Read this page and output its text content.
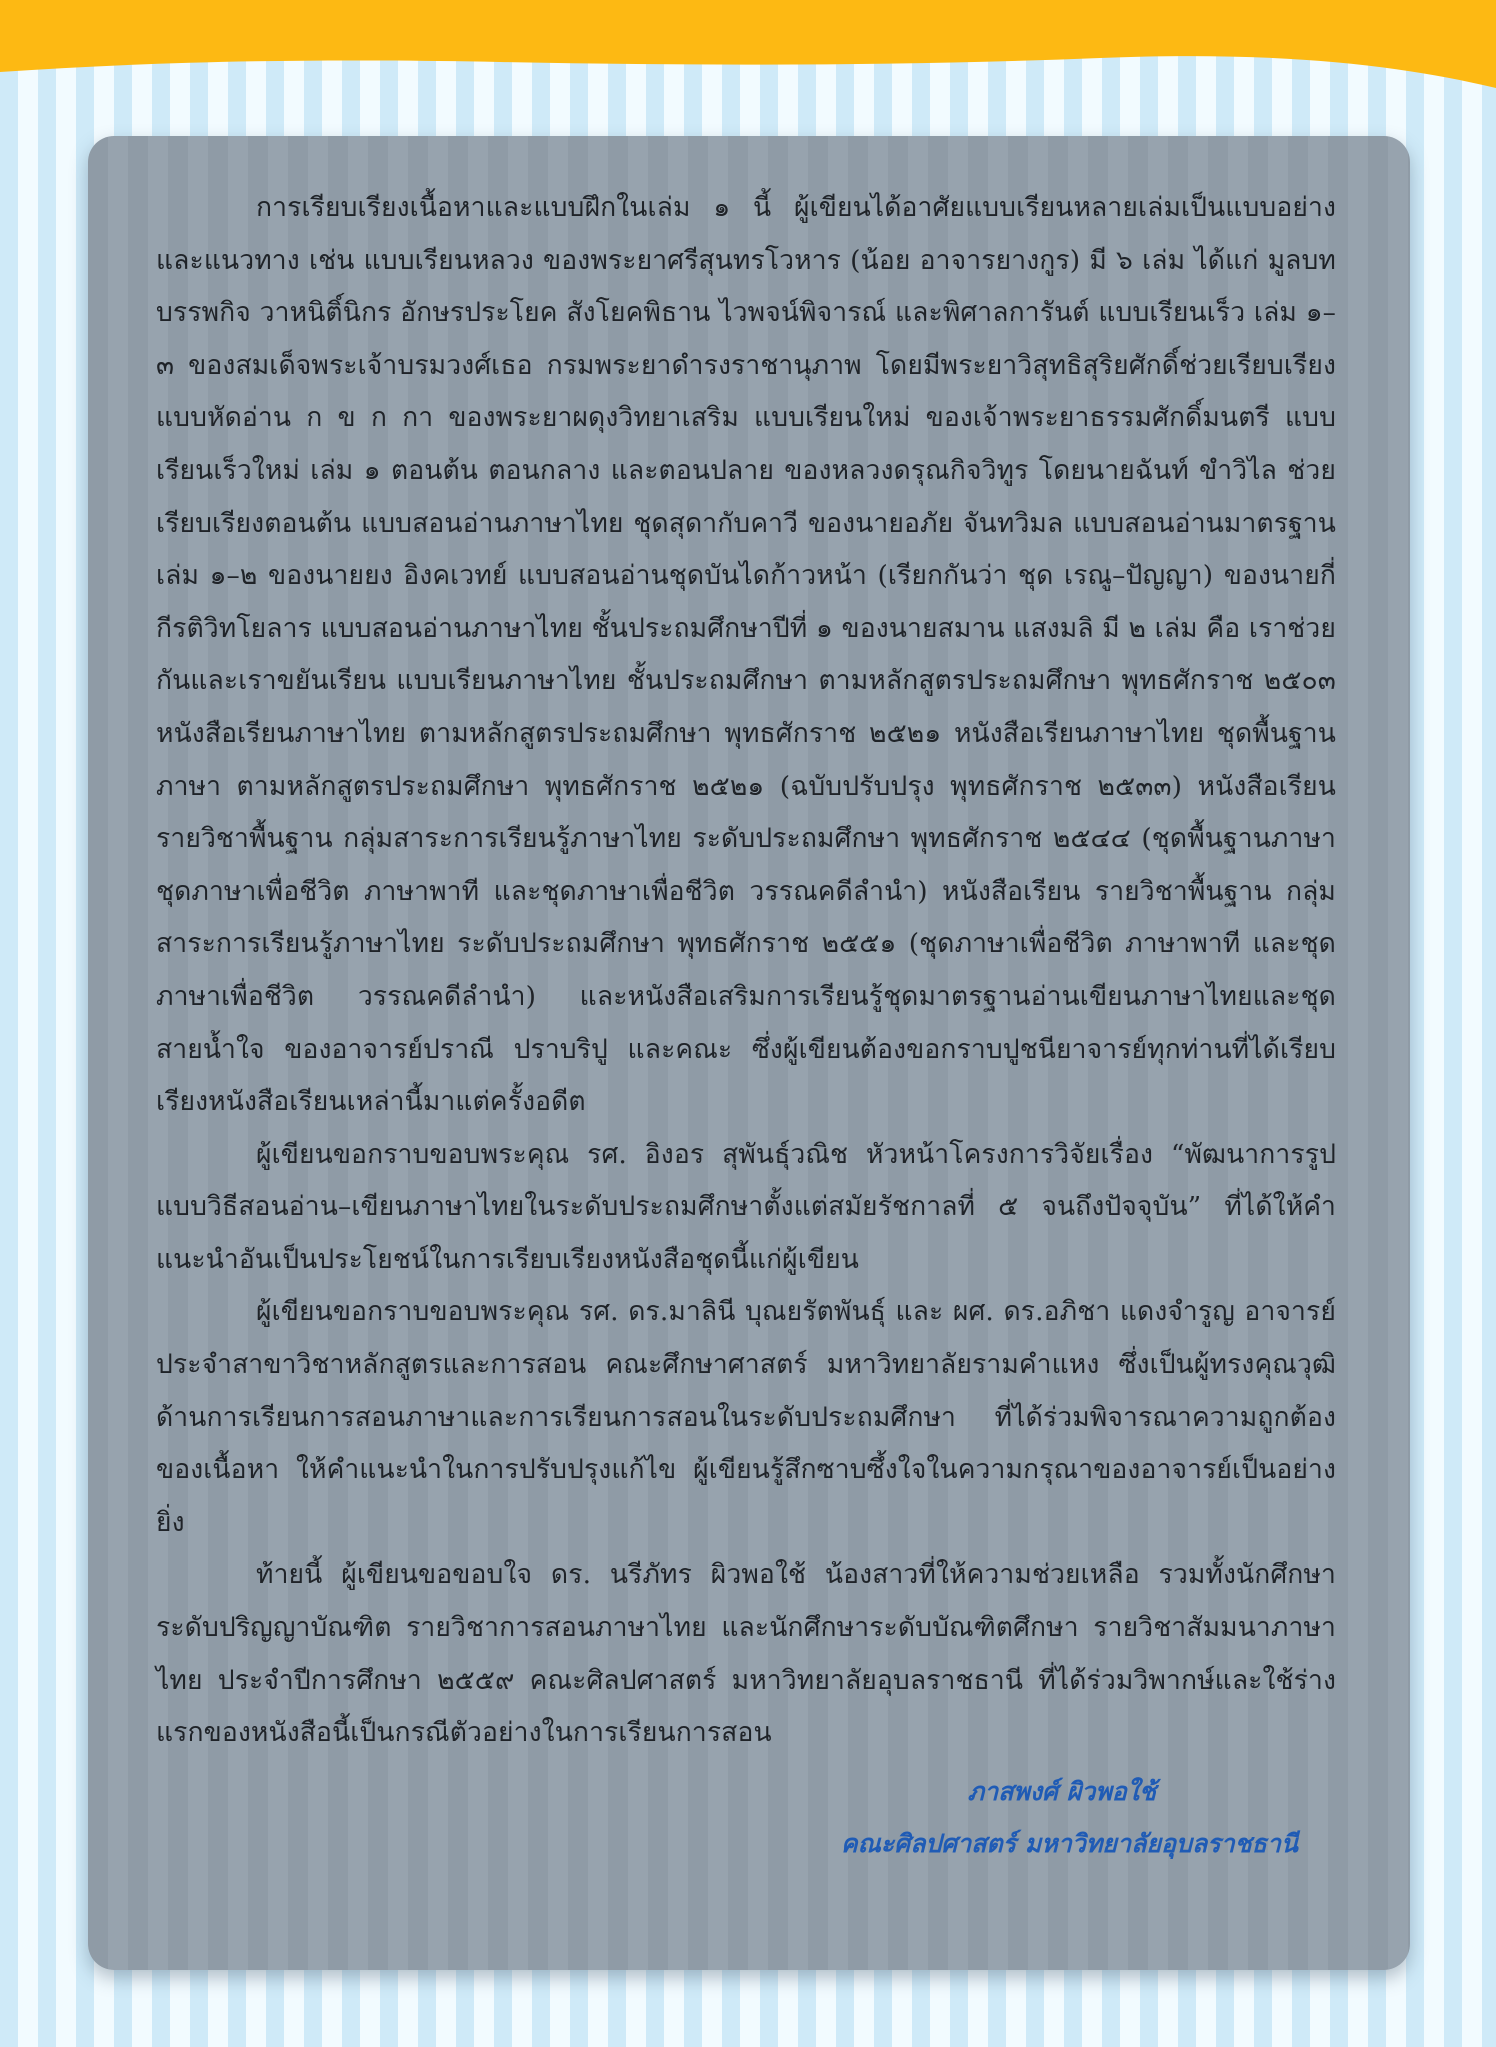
การเรียบเรียงเนื้อหาและแบบฝึกในเล่ม ๑ นี้ ผู้เขียนได้อาศัยแบบเรียนหลายเล่มเป็นแบบอย่างและแนวทาง เช่น แบบเรียนหลวง ของพระยาศรีสุนทรโวหาร (น้อย อาจารยางกูร) มี ๖ เล่ม ได้แก่ มูลบทบรรพกิจ วาหนิติ์นิกร อักษรประโยค สังโยคพิธาน ไวพจน์พิจารณ์ และพิศาลการันต์ แบบเรียนเร็ว เล่ม ๑–๓ ของสมเด็จพระเจ้าบรมวงศ์เธอ กรมพระยาดำรงราชานุภาพ โดยมีพระยาวิสุทธิสุริยศักดิ์ช่วยเรียบเรียง แบบหัดอ่าน ก ข ก กา ของพระยาผดุงวิทยาเสริม แบบเรียนใหม่ ของเจ้าพระยาธรรมศักดิ์มนตรี แบบเรียนเร็วใหม่ เล่ม ๑ ตอนต้น ตอนกลาง และตอนปลาย ของหลวงดรุณกิจวิทูร โดยนายฉันท์ ขำวิไล ช่วยเรียบเรียงตอนต้น แบบสอนอ่านภาษาไทย ชุดสุดากับคาวี ของนายอภัย จันทวิมล แบบสอนอ่านมาตรฐาน เล่ม ๑–๒ ของนายยง อิงคเวทย์ แบบสอนอ่านชุดบันไดก้าวหน้า (เรียกกันว่า ชุด เรณู–ปัญญา) ของนายกี่ กีรติวิทโยลาร แบบสอนอ่านภาษาไทย ชั้นประถมศึกษาปีที่ ๑ ของนายสมาน แสงมลิ มี ๒ เล่ม คือ เราช่วยกันและเราขยันเรียน แบบเรียนภาษาไทย ชั้นประถมศึกษา ตามหลักสูตรประถมศึกษา พุทธศักราช ๒๕๐๓ หนังสือเรียนภาษาไทย ตามหลักสูตรประถมศึกษา พุทธศักราช ๒๕๒๑ หนังสือเรียนภาษาไทย ชุดพื้นฐานภาษา ตามหลักสูตรประถมศึกษา พุทธศักราช ๒๕๒๑ (ฉบับปรับปรุง พุทธศักราช ๒๕๓๓) หนังสือเรียน รายวิชาพื้นฐาน กลุ่มสาระการเรียนรู้ภาษาไทย ระดับประถมศึกษา พุทธศักราช ๒๕๔๔ (ชุดพื้นฐานภาษา ชุดภาษาเพื่อชีวิต ภาษาพาที และชุดภาษาเพื่อชีวิต วรรณคดีลำนำ) หนังสือเรียน รายวิชาพื้นฐาน กลุ่มสาระการเรียนรู้ภาษาไทย ระดับประถมศึกษา พุทธศักราช ๒๕๕๑ (ชุดภาษาเพื่อชีวิต ภาษาพาที และชุดภาษาเพื่อชีวิต วรรณคดีลำนำ) และหนังสือเสริมการเรียนรู้ชุดมาตรฐานอ่านเขียนภาษาไทยและชุดสายน้ำใจ ของอาจารย์ปราณี ปราบริปู และคณะ ซึ่งผู้เขียนต้องขอกราบปูชนียาจารย์ทุกท่านที่ได้เรียบเรียงหนังสือเรียนเหล่านี้มาแต่ครั้งอดีต

ผู้เขียนขอกราบขอบพระคุณ รศ. อิงอร สุพันธุ์วณิช หัวหน้าโครงการวิจัยเรื่อง “พัฒนาการรูปแบบวิธีสอนอ่าน–เขียนภาษาไทยในระดับประถมศึกษาตั้งแต่สมัยรัชกาลที่ ๕ จนถึงปัจจุบัน” ที่ได้ให้คำแนะนำอันเป็นประโยชน์ในการเรียบเรียงหนังสือชุดนี้แก่ผู้เขียน

ผู้เขียนขอกราบขอบพระคุณ รศ. ดร.มาลินี บุณยรัตพันธุ์ และ ผศ. ดร.อภิชา แดงจำรูญ อาจารย์ประจำสาขาวิชาหลักสูตรและการสอน คณะศึกษาศาสตร์ มหาวิทยาลัยรามคำแหง ซึ่งเป็นผู้ทรงคุณวุฒิด้านการเรียนการสอนภาษาและการเรียนการสอนในระดับประถมศึกษา ที่ได้ร่วมพิจารณาความถูกต้องของเนื้อหา ให้คำแนะนำในการปรับปรุงแก้ไข ผู้เขียนรู้สึกซาบซึ้งใจในความกรุณาของอาจารย์เป็นอย่างยิ่ง

ท้ายนี้ ผู้เขียนขอขอบใจ ดร. นรีภัทร ผิวพอใช้ น้องสาวที่ให้ความช่วยเหลือ รวมทั้งนักศึกษาระดับปริญญาบัณฑิต รายวิชาการสอนภาษาไทย และนักศึกษาระดับบัณฑิตศึกษา รายวิชาสัมมนาภาษาไทย ประจำปีการศึกษา ๒๕๕๙ คณะศิลปศาสตร์ มหาวิทยาลัยอุบลราชธานี ที่ได้ร่วมวิพากษ์และใช้ร่างแรกของหนังสือนี้เป็นกรณีตัวอย่างในการเรียนการสอน

ภาสพงศ์ ผิวพอใช้
คณะศิลปศาสตร์ มหาวิทยาลัยอุบลราชธานี
